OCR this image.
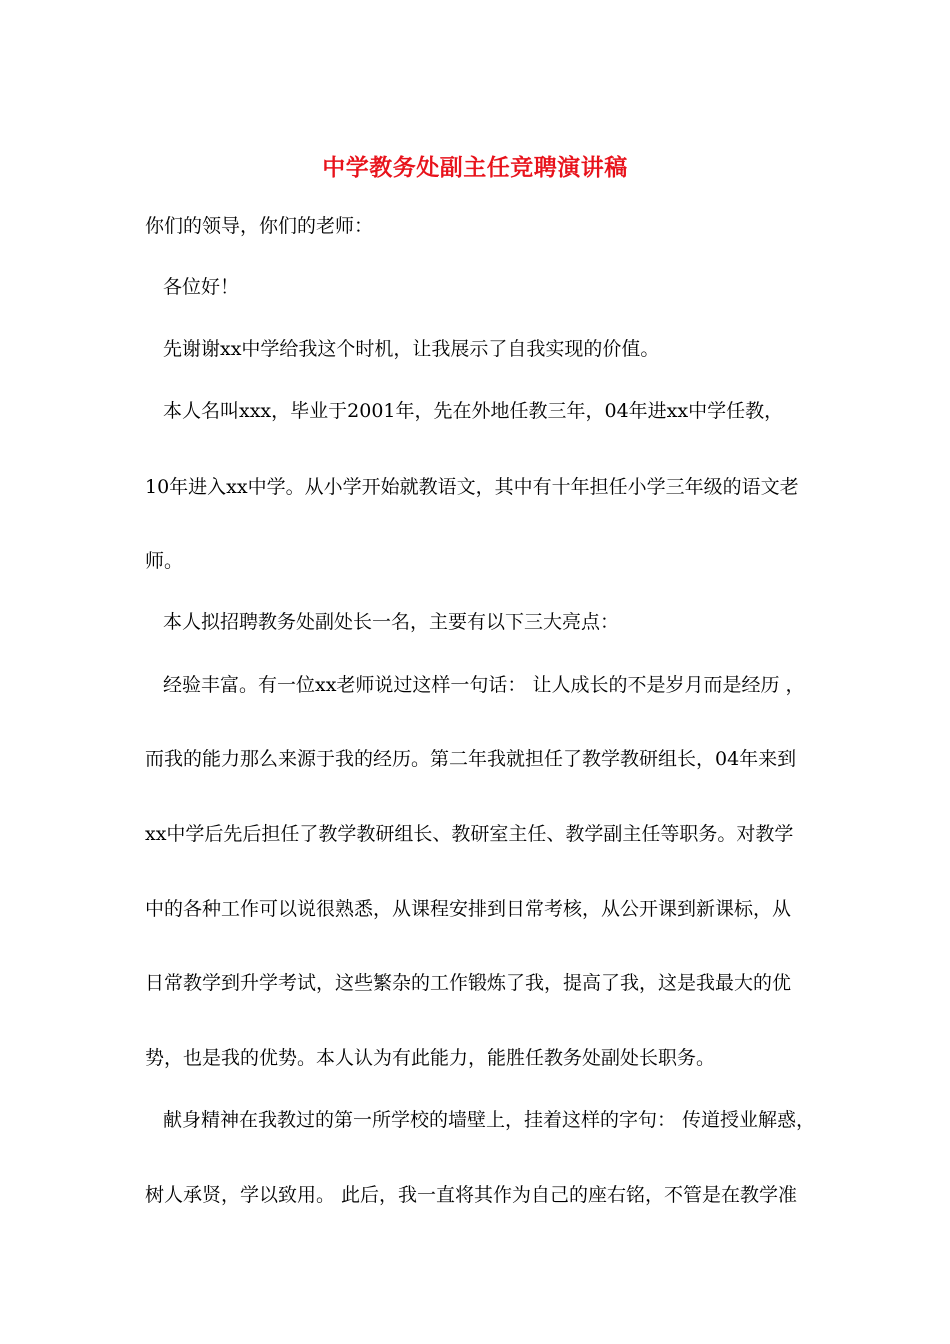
中学教务处副主任竞聘演讲稿
你们的领导，你们的老师：
各位好！
先谢谢xx中学给我这个时机，让我展示了自我实现的价值。
本人名叫xxx，毕业于2001年，先在外地任教三年，04年进xx中学任教，
10年进入xx中学。从小学开始就教语文，其中有十年担任小学三年级的语文老
师。
本人拟招聘教务处副处长一名，主要有以下三大亮点：
经验丰富。有一位xx老师说过这样一句话： 让人成长的不是岁月而是经历 ，
而我的能力那么来源于我的经历。第二年我就担任了教学教研组长，04年来到
xx中学后先后担任了教学教研组长、教研室主任、教学副主任等职务。对教学
中的各种工作可以说很熟悉，从课程安排到日常考核，从公开课到新课标，从
日常教学到升学考试，这些繁杂的工作锻炼了我，提高了我，这是我最大的优
势，也是我的优势。本人认为有此能力，能胜任教务处副处长职务。
献身精神在我教过的第一所学校的墙壁上，挂着这样的字句： 传道授业解惑，
树人承贤，学以致用。 此后，我一直将其作为自己的座右铭，不管是在教学准
